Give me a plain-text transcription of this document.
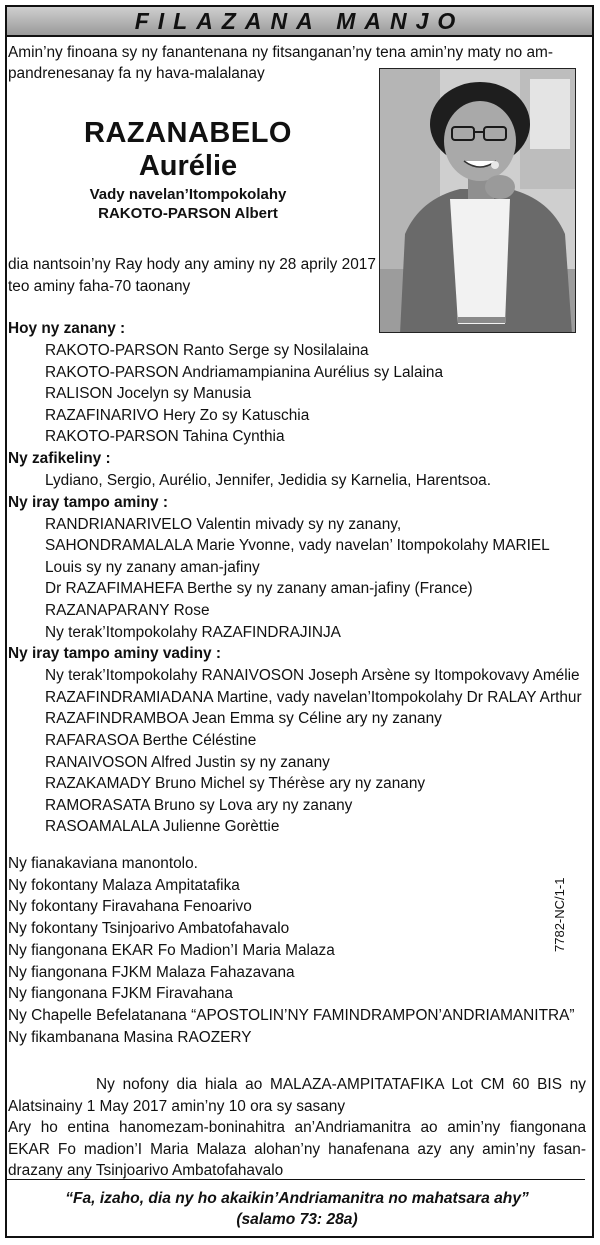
FILAZANA MANJO
Amin’ny finoana sy ny fanantenana ny fitsanganan’ny tena amin’ny maty no am-pandrenesanay fa ny hava-malalanay
RAZANABELO
Aurélie
Vady navelan’Itompokolahy
RAKOTO-PARSON Albert
dia nantsoin’ny Ray hody any aminy ny 28 aprily 2017
teo aminy faha-70 taonany
Hoy ny zanany :
RAKOTO-PARSON Ranto Serge sy Nosilalaina
RAKOTO-PARSON Andriamampianina Aurélius sy Lalaina
RALISON Jocelyn sy Manusia
RAZAFINARIVO Hery Zo sy Katuschia
RAKOTO-PARSON Tahina Cynthia
Ny zafikeliny :
Lydiano, Sergio, Aurélio, Jennifer, Jedidia sy Karnelia, Harentsoa.
Ny iray tampo aminy :
RANDRIANARIVELO Valentin mivady sy ny zanany,
SAHONDRAMALALA Marie Yvonne, vady navelan’ Itompokolahy MARIEL
Louis sy ny zanany aman-jafiny
Dr RAZAFIMAHEFA Berthe sy ny zanany aman-jafiny (France)
RAZANAPARANY Rose
Ny terak’Itompokolahy RAZAFINDRAJINJA
Ny iray tampo aminy vadiny :
Ny terak’Itompokolahy RANAIVOSON Joseph Arsène sy Itompokovavy Amélie
RAZAFINDRAMIADANA Martine, vady navelan’Itompokolahy Dr RALAY Arthur
RAZAFINDRAMBOA Jean Emma sy Céline ary ny zanany
RAFARASOA Berthe Céléstine
RANAIVOSON Alfred Justin sy ny zanany
RAZAKAMADY Bruno Michel sy Thérèse ary ny zanany
RAMORASATA Bruno sy Lova ary ny zanany
RASOAMALALA Julienne Gorèttie
Ny fianakaviana manontolo.
Ny fokontany Malaza Ampitatafika
Ny fokontany Firavahana Fenoarivo
Ny fokontany Tsinjoarivo Ambatofahavalo
Ny fiangonana EKAR Fo Madion’I Maria Malaza
Ny fiangonana FJKM Malaza Fahazavana
Ny fiangonana FJKM Firavahana
Ny Chapelle Befelatanana “APOSTOLIN’NY FAMINDRAMPON’ANDRIAMANITRA”
Ny fikambanana Masina RAOZERY
7782-NC/1-1
Ny nofony dia hiala ao MALAZA-AMPITATAFIKA Lot CM 60 BIS ny Alatsinainy 1 May 2017 amin’ny 10 ora sy sasany
Ary ho entina hanomezam-boninahitra an’Andriamanitra ao amin’ny fiangonana EKAR Fo madion’I Maria Malaza alohan’ny hanafenana azy any amin’ny fasan-drazany any Tsinjoarivo Ambatofahavalo
“Fa, izaho, dia ny ho akaikin’Andriamanitra no mahatsara ahy”
(salamo 73: 28a)
